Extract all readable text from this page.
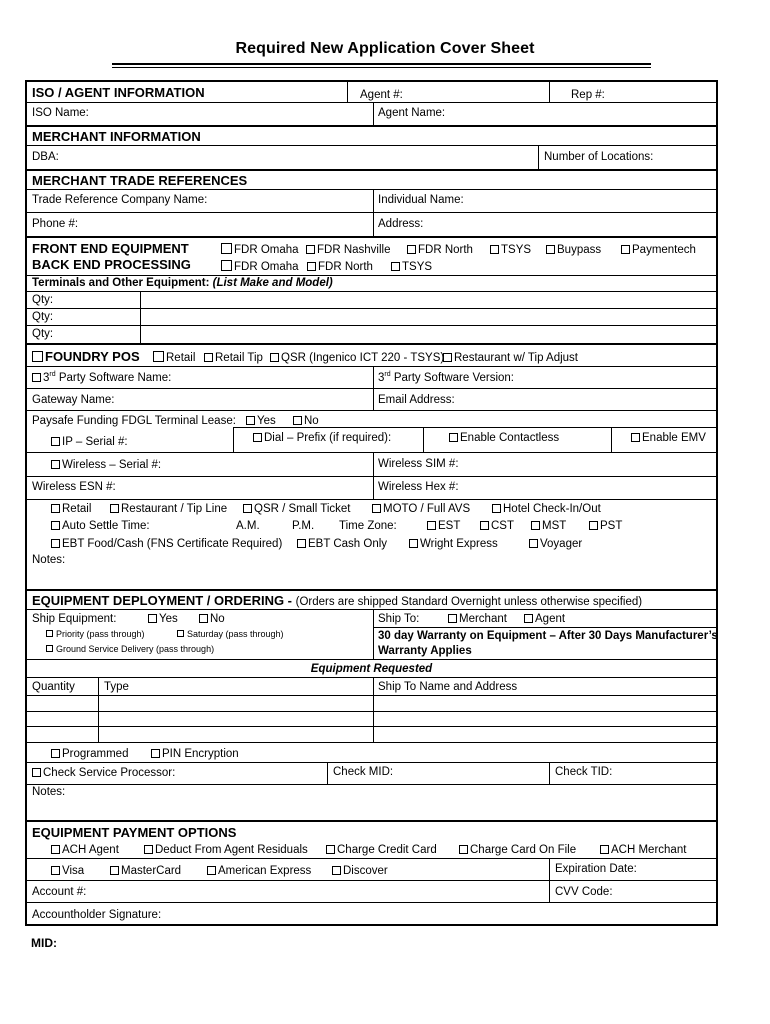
Required New Application Cover Sheet
ISO / AGENT INFORMATION	Agent #:	Rep #:
ISO Name:	Agent Name:
MERCHANT INFORMATION
DBA:	Number of Locations:
MERCHANT TRADE REFERENCES
Trade Reference Company Name:	Individual Name:
Phone #:	Address:
FRONT END EQUIPMENT	FDR Omaha	FDR Nashville	FDR North	TSYS	Buypass	Paymentech
BACK END PROCESSING	FDR Omaha	FDR North	TSYS
Terminals and Other Equipment: (List Make and Model)
Qty:
Qty:
Qty:
FOUNDRY POS	Retail	Retail Tip	QSR (Ingenico ICT 220 - TSYS) Restaurant w/ Tip Adjust
3rd Party Software Name:	3rd Party Software Version:
Gateway Name:	Email Address:
Paysafe Funding FDGL Terminal Lease:	Yes	No
IP – Serial #:	Dial – Prefix (if required):	Enable Contactless	Enable EMV
Wireless – Serial #:	Wireless SIM #:
Wireless ESN #:	Wireless Hex #:
Retail	Restaurant / Tip Line	QSR / Small Ticket	MOTO / Full AVS	Hotel Check-In/Out
Auto Settle Time:	A.M.	P.M. Time Zone:	EST	CST	MST	PST
EBT Food/Cash (FNS Certificate Required)	EBT Cash Only	Wright Express	Voyager
Notes:
EQUIPMENT DEPLOYMENT / ORDERING - (Orders are shipped Standard Overnight unless otherwise specified)
Ship Equipment:	Yes	No	Ship To:	Merchant	Agent
Priority (pass through)	Saturday (pass through)
Ground Service Delivery (pass through)
30 day Warranty on Equipment – After 30 Days Manufacturer’s
Warranty Applies
Equipment Requested
Quantity	Type	Ship To Name and Address
Programmed	PIN Encryption
Check Service Processor:	Check MID:	Check TID:
Notes:
EQUIPMENT PAYMENT OPTIONS
ACH Agent	Deduct From Agent Residuals	Charge Credit Card	Charge Card On File	ACH Merchant
Visa	MasterCard	American Express	Discover	Expiration Date:
Account #:	CVV Code:
Accountholder Signature:
MID:
